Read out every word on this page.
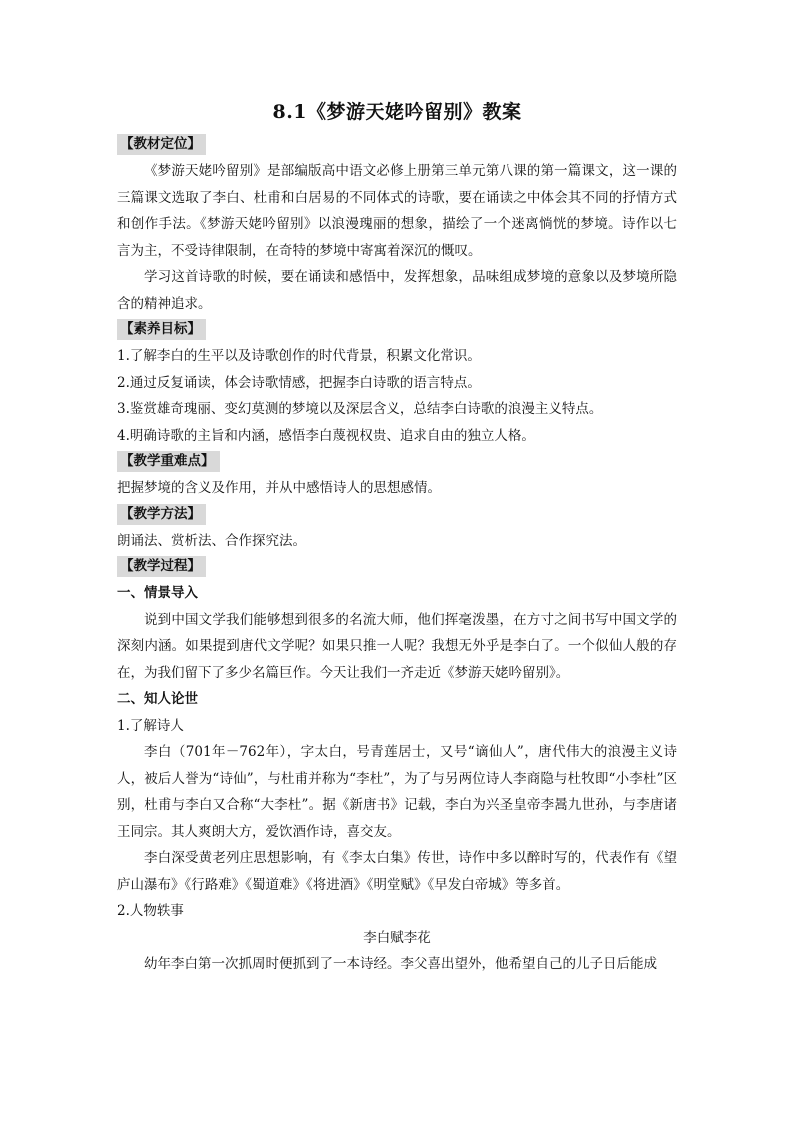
8.1《梦游天姥吟留别》教案
【教材定位】

《梦游天姥吟留别》是部编版高中语文必修上册第三单元第八课的第一篇课文，这一课的三篇课文选取了李白、杜甫和白居易的不同体式的诗歌，要在诵读之中体会其不同的抒情方式和创作手法。《梦游天姥吟留别》以浪漫瑰丽的想象，描绘了一个迷离惝恍的梦境。诗作以七言为主，不受诗律限制，在奇特的梦境中寄寓着深沉的慨叹。

学习这首诗歌的时候，要在诵读和感悟中，发挥想象，品味组成梦境的意象以及梦境所隐含的精神追求。

【素养目标】

1.了解李白的生平以及诗歌创作的时代背景，积累文化常识。

2.通过反复诵读，体会诗歌情感，把握李白诗歌的语言特点。

3.鉴赏雄奇瑰丽、变幻莫测的梦境以及深层含义，总结李白诗歌的浪漫主义特点。

4.明确诗歌的主旨和内涵，感悟李白蔑视权贵、追求自由的独立人格。

【教学重难点】

把握梦境的含义及作用，并从中感悟诗人的思想感情。

【教学方法】

朗诵法、赏析法、合作探究法。

【教学过程】

一、情景导入

说到中国文学我们能够想到很多的名流大师，他们挥毫泼墨，在方寸之间书写中国文学的深刻内涵。如果提到唐代文学呢？如果只推一人呢？我想无外乎是李白了。一个似仙人般的存在，为我们留下了多少名篇巨作。今天让我们一齐走近《梦游天姥吟留别》。

二、知人论世

1.了解诗人

李白（701年－762年），字太白，号青莲居士，又号“谪仙人”，唐代伟大的浪漫主义诗人，被后人誉为“诗仙”，与杜甫并称为“李杜”，为了与另两位诗人李商隐与杜牧即“小李杜”区别，杜甫与李白又合称“大李杜”。据《新唐书》记载，李白为兴圣皇帝李暠九世孙，与李唐诸王同宗。其人爽朗大方，爱饮酒作诗，喜交友。

李白深受黄老列庄思想影响，有《李太白集》传世，诗作中多以醉时写的，代表作有《望庐山瀑布》《行路难》《蜀道难》《将进酒》《明堂赋》《早发白帝城》等多首。

2.人物轶事

李白赋李花

幼年李白第一次抓周时便抓到了一本诗经。李父喜出望外，他希望自己的儿子日后能成
